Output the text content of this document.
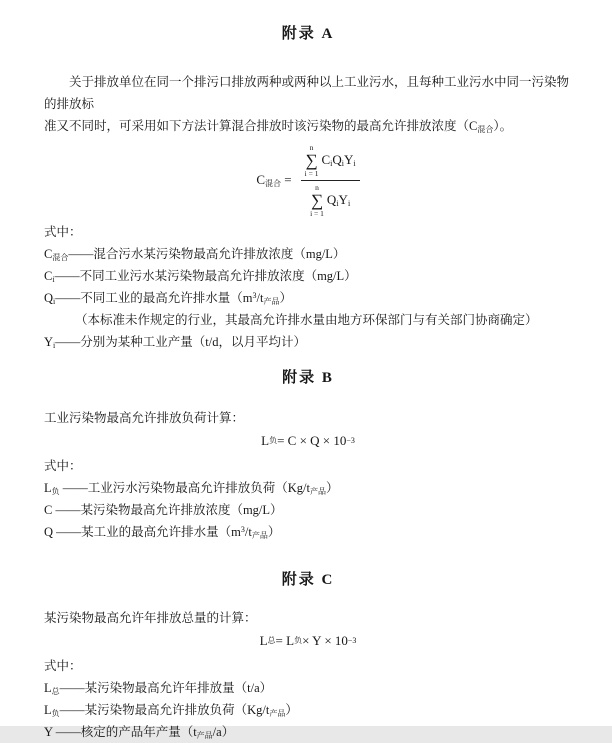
附录 A
关于排放单位在同一个排污口排放两种或两种以上工业污水，且每种工业污水中同一污染物的排放标
准又不同时，可采用如下方法计算混合排放时该污染物的最高允许排放浓度$(C_{混合})$。
$C_{混合}$ =
n
∑
i = 1
$C_iQ_iY_i$
n
∑
i = 1
$Q_iY_i$
式中：
$C_{混合}——$混合污水某污染物最高允许排放浓度（mg/L）
$C_i——$不同工业污水某污染物最高允许排放浓度（mg/L）
$Q_i——$不同工业的最高允许排水量$(m^3/t_{产品})$
（本标准未作规定的行业，其最高允许排水量由地方环保部门与有关部门协商确定）
$Y_i——$分别为某种工业产量（t/d，以月平均计）
附录 B
工业污染物最高允许排放负荷计算：
L 负 = C × Q × 10 −3
式中：
$L_负$ ——工业污水污染物最高允许排放负荷$(Kg/t_{产品})$
C ——某污染物最高允许排放浓度（mg/L）
Q ——某工业的最高允许排水量$(m^3/t_{产品})$
附录 C
某污染物最高允许年排放总量的计算：
L 总 = L 负 × Y × 10 −3
式中：
$L_总——$某污染物最高允许年排放量（t/a）
$L_负——$某污染物最高允许排放负荷$(Kg/t_{产品})$
Y ——核定的产品年产量$(t_{产品}/a)$
